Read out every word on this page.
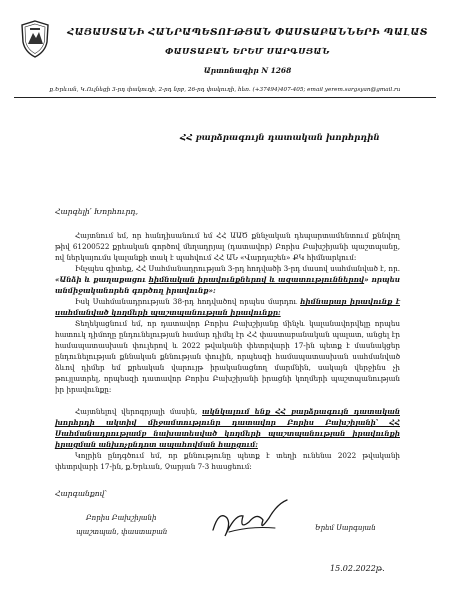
ՀԱՅԱՍՏԱՆԻ ՀԱՆՐԱՊԵՏՈՒԹՅԱՆ ՓԱՍՏԱԲԱՆՆԵՐԻ ՊԱԼԱՏ
ՓԱՍՏԱԲԱՆ ԵՐԵՄ ՍԱՐԳՍՅԱՆ
Արտոնագիր N 1268
ք.Երևան, Կ.Ուլնեցի 3-րդ փակուղի, 2-րդ նրբ, 26-րդ փակուղի, հեռ. (+37494)407-405; email yerem.sargsyan@gmail.ru
ՀՀ բարձրագույն դատական խորհրդին
Հարգելի՛ Խորհուրդ,

Հայտնում եմ, որ հանդիսանում եմ ՀՀ ԱԱԾ քննչական դեպարտամենտում քննվող թիվ 61200522 քրեական գործով մեղադրյալ (դատավոր) Բորիս Բախշիյանի պաշտպանը, ով ներկայումս կալանքի տակ է պահվում ՀՀ ԱՆ «Վարդաշեն» ՔԿ հիմնարկում:

Ինչպես գիտեք, ՀՀ Սահմանադրության 3-րդ հոդվածի 3-րդ մասով սահմանված է, որ. «Անձի և քաղաքացու հիմնական իրավունքներով և ազատություններով» որպես անմիջականորեն գործող իրավունք»:

Իսկ Սահմանադրության 38-րդ հոդվածով որպես մարդու հիմնարար իրավունք է սահմանված կողմերի պաշտպանության իրավունքը:

Տեղեկացնում եմ, որ դատավոր Բորիս Բախշիյանը մինչև կալանավորվելը որպես հատուկ դիմողը ընդունելության համար դիմել էր ՀՀ փաստաբանական պալատ, անցել էր համապատասխան փուլերով և 2022 թվականի փետրվարի 17-ին պետք է մասնակցեր ընդունելության քննական քննության փուլին, որպեսզի համապատասխան սահմանված ձևով դիմեր եմ քրեական վարույթ իրականացնող մարմնին, սակայն վերջինս չի թույլատրել, որպեսզի դատավոր Բորիս Բախշիյանի իրացնի կողմերի պաշտպանության իր իրավունքը:

Հայտնելով վերոգրյալի մասին, ակնկալում ենք ՀՀ բարձրագույն դատական խորհրդի ակտիվ միջամտությունը դատավոր Բորիս Բախշիյանի՝ ՀՀ Սահմանադրությամբ նախատեսված կողմերի պաշտպանության իրավունքի իրացման անխոչընդոտ ապահովման հարցում:

Կոլրին ընդգծում եմ, որ քննությունը պետք է տեղի ունենա 2022 թվականի փետրվարի 17-ին, ք.Երևան, Չարյան 7-3 հասցեում:

Հարգանքով՝
Բորիս Բախշիյանի
պաշտպան, փաստաբան	Երեմ Սարգսյան
15.02.2022թ.
